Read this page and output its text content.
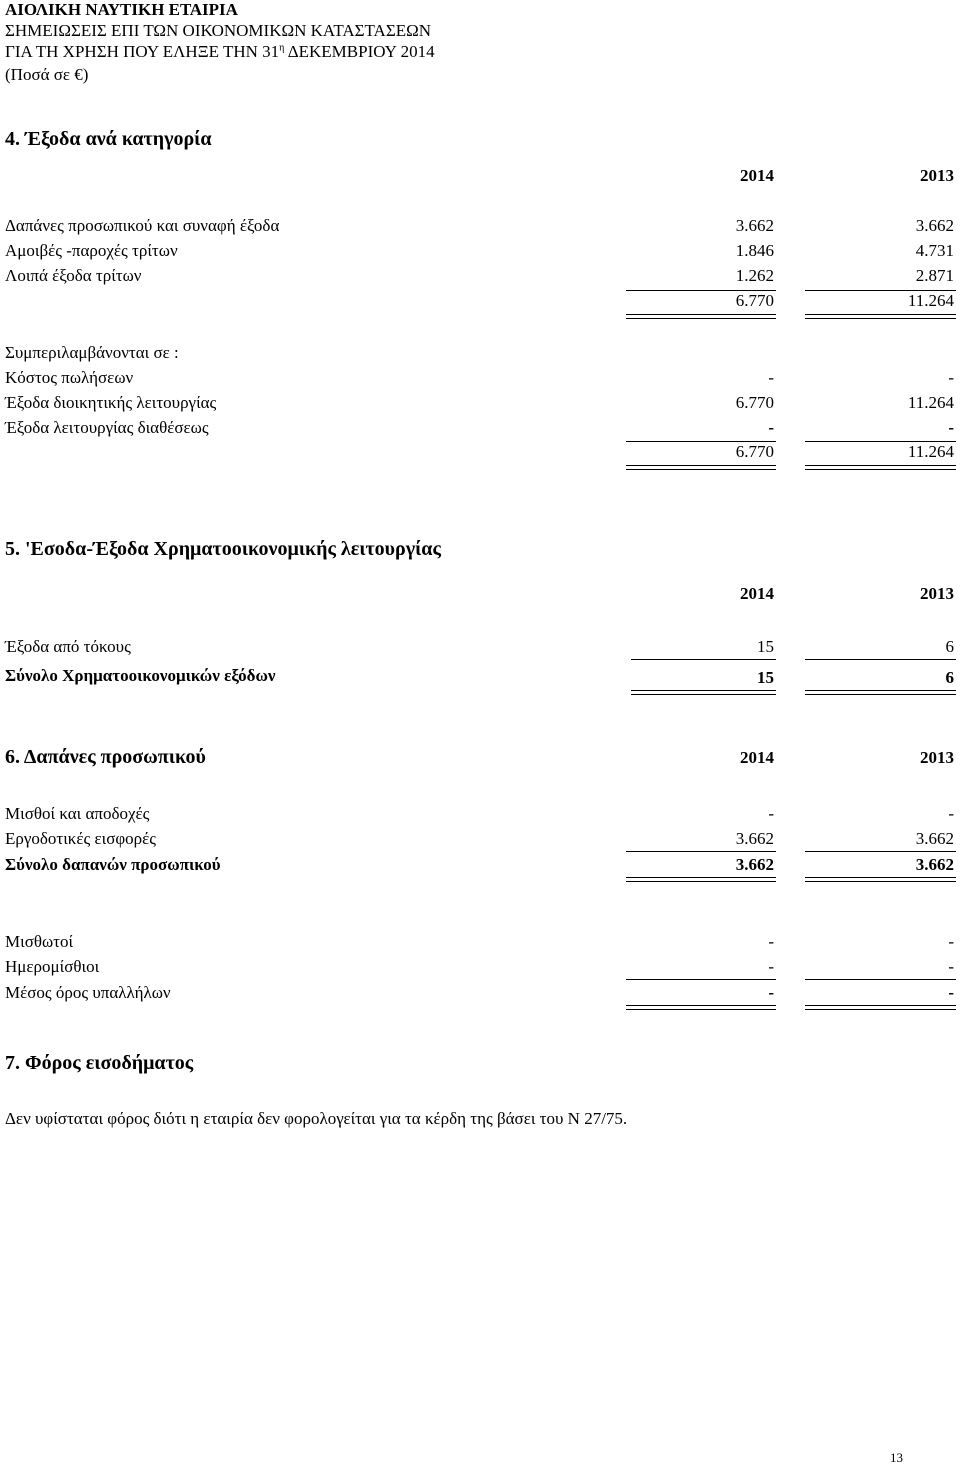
ΑΙΟΛΙΚΗ ΝΑΥΤΙΚΗ ΕΤΑΙΡΙΑ
ΣΗΜΕΙΩΣΕΙΣ ΕΠΙ ΤΩΝ ΟΙΚΟΝΟΜΙΚΩΝ ΚΑΤΑΣΤΑΣΕΩΝ
ΓΙΑ ΤΗ ΧΡΗΣΗ ΠΟΥ ΕΛΗΞΕ ΤΗΝ $31^\eta$ ΔΕΚΕΜΒΡΙΟΥ 2014
(Ποσά σε €)
4. Έξοδα ανά κατηγορία
2014	2013
Δαπάνες προσωπικού και συναφή έξοδα	3.662	3.662
Αμοιβές -παροχές τρίτων	1.846	4.731
Λοιπά έξοδα τρίτων	1.262	2.871
6.770	11.264
Συμπεριλαμβάνονται σε :
Κόστος πωλήσεων	-	-
Έξοδα διοικητικής λειτουργίας	6.770	11.264
Έξοδα λειτουργίας διαθέσεως	-	-
6.770	11.264
5. 'Εσοδα-Έξοδα Χρηματοοικονομικής λειτουργίας
2014	2013
Έξοδα από τόκους	15	6
Σύνολο Χρηματοοικονομικών εξόδων	15	6
6. Δαπάνες προσωπικού	2014	2013
Μισθοί και αποδοχές	-	-
Εργοδοτικές εισφορές	3.662	3.662
Σύνολο δαπανών προσωπικού	3.662	3.662
Μισθωτοί	-	-
Ημερομίσθιοι	-	-
Μέσος όρος υπαλλήλων	-	-
7. Φόρος εισοδήματος
Δεν υφίσταται φόρος διότι η εταιρία δεν φορολογείται για τα κέρδη της βάσει του Ν 27/75.
13
